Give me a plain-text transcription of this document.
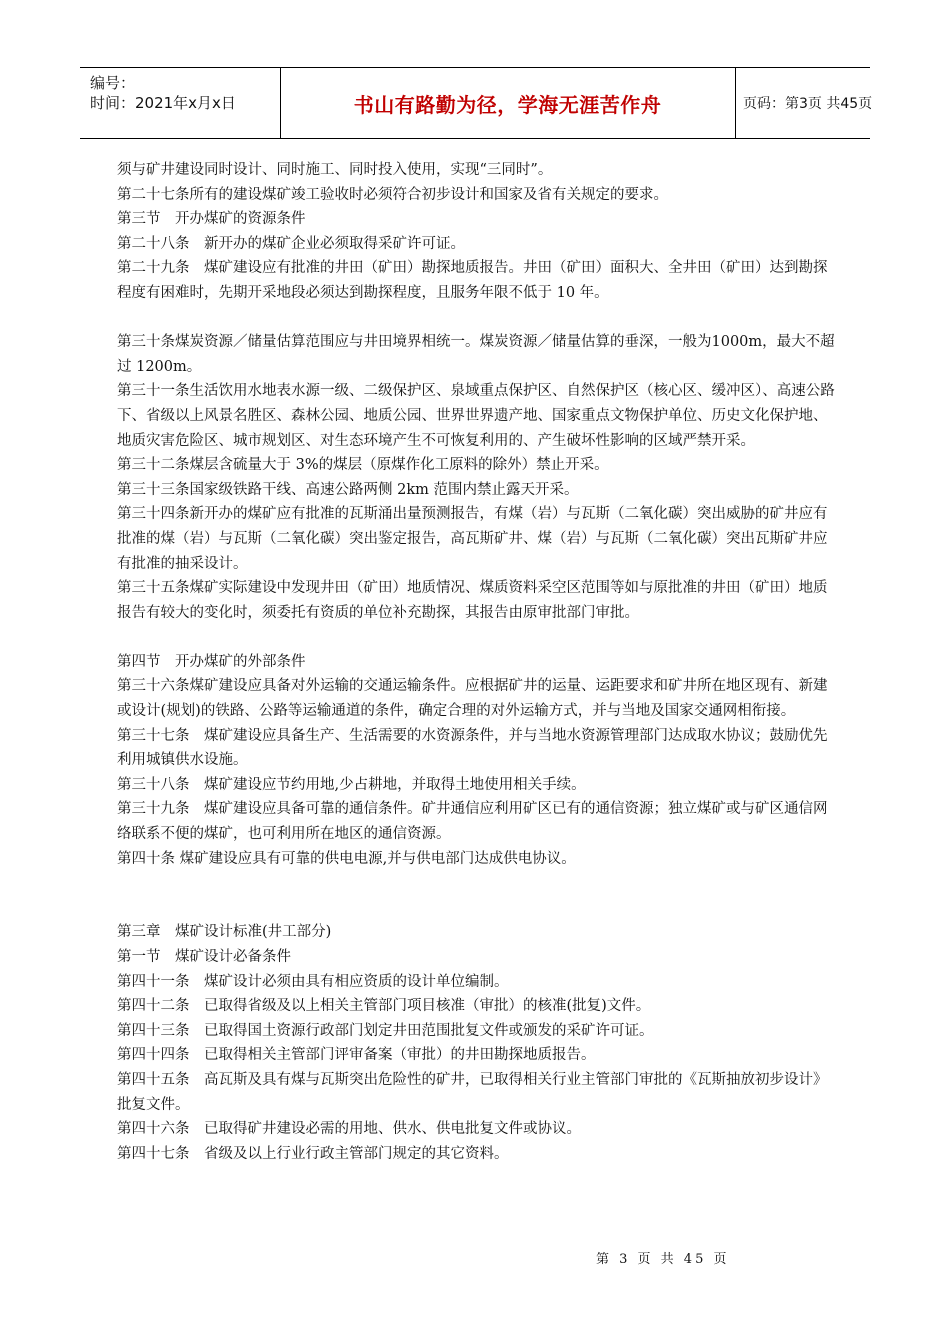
编号：
时间：2021年x月x日	书山有路勤为径，学海无涯苦作舟	页码：第3页 共45页

须与矿井建设同时设计、同时施工、同时投入使用，实现“三同时”。

第二十七条所有的建设煤矿竣工验收时必须符合初步设计和国家及省有关规定的要求。

第三节　开办煤矿的资源条件

第二十八条　新开办的煤矿企业必须取得采矿许可证。

第二十九条　煤矿建设应有批准的井田（矿田）勘探地质报告。井田（矿田）面积大、全井田（矿田）达到勘探程度有困难时，先期开采地段必须达到勘探程度，且服务年限不低于 10 年。

第三十条煤炭资源／储量估算范围应与井田境界相统一。煤炭资源／储量估算的垂深，一般为1000m，最大不超过 1200m。

第三十一条生活饮用水地表水源一级、二级保护区、泉域重点保护区、自然保护区（核心区、缓冲区）、高速公路下、省级以上风景名胜区、森林公园、地质公园、世界世界遗产地、国家重点文物保护单位、历史文化保护地、地质灾害危险区、城市规划区、对生态环境产生不可恢复利用的、产生破坏性影响的区域严禁开采。

第三十二条煤层含硫量大于 3%的煤层（原煤作化工原料的除外）禁止开采。

第三十三条国家级铁路干线、高速公路两侧 2km 范围内禁止露天开采。

第三十四条新开办的煤矿应有批准的瓦斯涌出量预测报告，有煤（岩）与瓦斯（二氧化碳）突出威胁的矿井应有批准的煤（岩）与瓦斯（二氧化碳）突出鉴定报告，高瓦斯矿井、煤（岩）与瓦斯（二氧化碳）突出瓦斯矿井应有批准的抽采设计。

第三十五条煤矿实际建设中发现井田（矿田）地质情况、煤质资料采空区范围等如与原批准的井田（矿田）地质报告有较大的变化时，须委托有资质的单位补充勘探，其报告由原审批部门审批。

第四节　开办煤矿的外部条件

第三十六条煤矿建设应具备对外运输的交通运输条件。应根据矿井的运量、运距要求和矿井所在地区现有、新建或设计(规划)的铁路、公路等运输通道的条件，确定合理的对外运输方式，并与当地及国家交通网相衔接。

第三十七条　煤矿建设应具备生产、生活需要的水资源条件，并与当地水资源管理部门达成取水协议；鼓励优先利用城镇供水设施。

第三十八条　煤矿建设应节约用地,少占耕地，并取得土地使用相关手续。

第三十九条　煤矿建设应具备可靠的通信条件。矿井通信应利用矿区已有的通信资源；独立煤矿或与矿区通信网络联系不便的煤矿，也可利用所在地区的通信资源。

第四十条 煤矿建设应具有可靠的供电电源,并与供电部门达成供电协议。

第三章　煤矿设计标准(井工部分)

第一节　煤矿设计必备条件

第四十一条　煤矿设计必须由具有相应资质的设计单位编制。

第四十二条　已取得省级及以上相关主管部门项目核准（审批）的核准(批复)文件。

第四十三条　已取得国土资源行政部门划定井田范围批复文件或颁发的采矿许可证。

第四十四条　已取得相关主管部门评审备案（审批）的井田勘探地质报告。

第四十五条　高瓦斯及具有煤与瓦斯突出危险性的矿井，已取得相关行业主管部门审批的《瓦斯抽放初步设计》批复文件。

第四十六条　已取得矿井建设必需的用地、供水、供电批复文件或协议。

第四十七条　省级及以上行业行政主管部门规定的其它资料。

第 3 页 共 45 页
